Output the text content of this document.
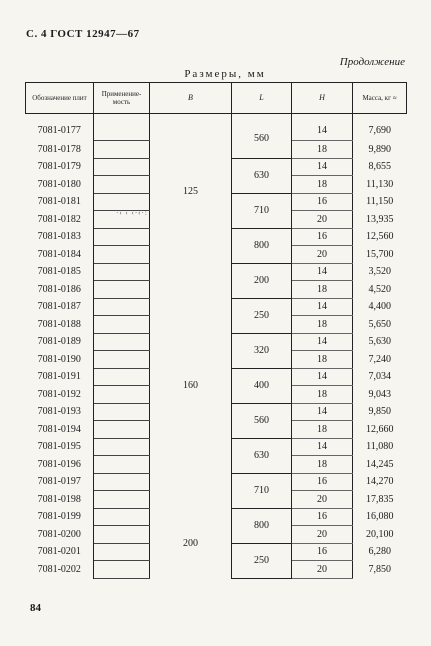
С. 4 ГОСТ 12947—67
Продолжение
Размеры, мм
Обозначение плит	Применение-мость	B	L	H	Масса, кг ≈
7081-0177		125	560	14	7,690
7081-0178				18	9,890
7081-0179			630	14	8,655
7081-0180				18	11,130
7081-0181			710	16	11,150
7081-0182				20	13,935
7081-0183			800	16	12,560
7081-0184				20	15,700
7081-0185		160	200	14	3,520
7081-0186				18	4,520
7081-0187			250	14	4,400
7081-0188				18	5,650
7081-0189			320	14	5,630
7081-0190				18	7,240
7081-0191			400	14	7,034
7081-0192				18	9,043
7081-0193			560	14	9,850
7081-0194				18	12,660
7081-0195			630	14	11,080
7081-0196				18	14,245
7081-0197			710	16	14,270
7081-0198				20	17,835
7081-0199		200	800	16	16,080
7081-0200				20	20,100
7081-0201			250	16	6,280
7081-0202				20	7,850
·› ‹ ‹·‹·:
84
